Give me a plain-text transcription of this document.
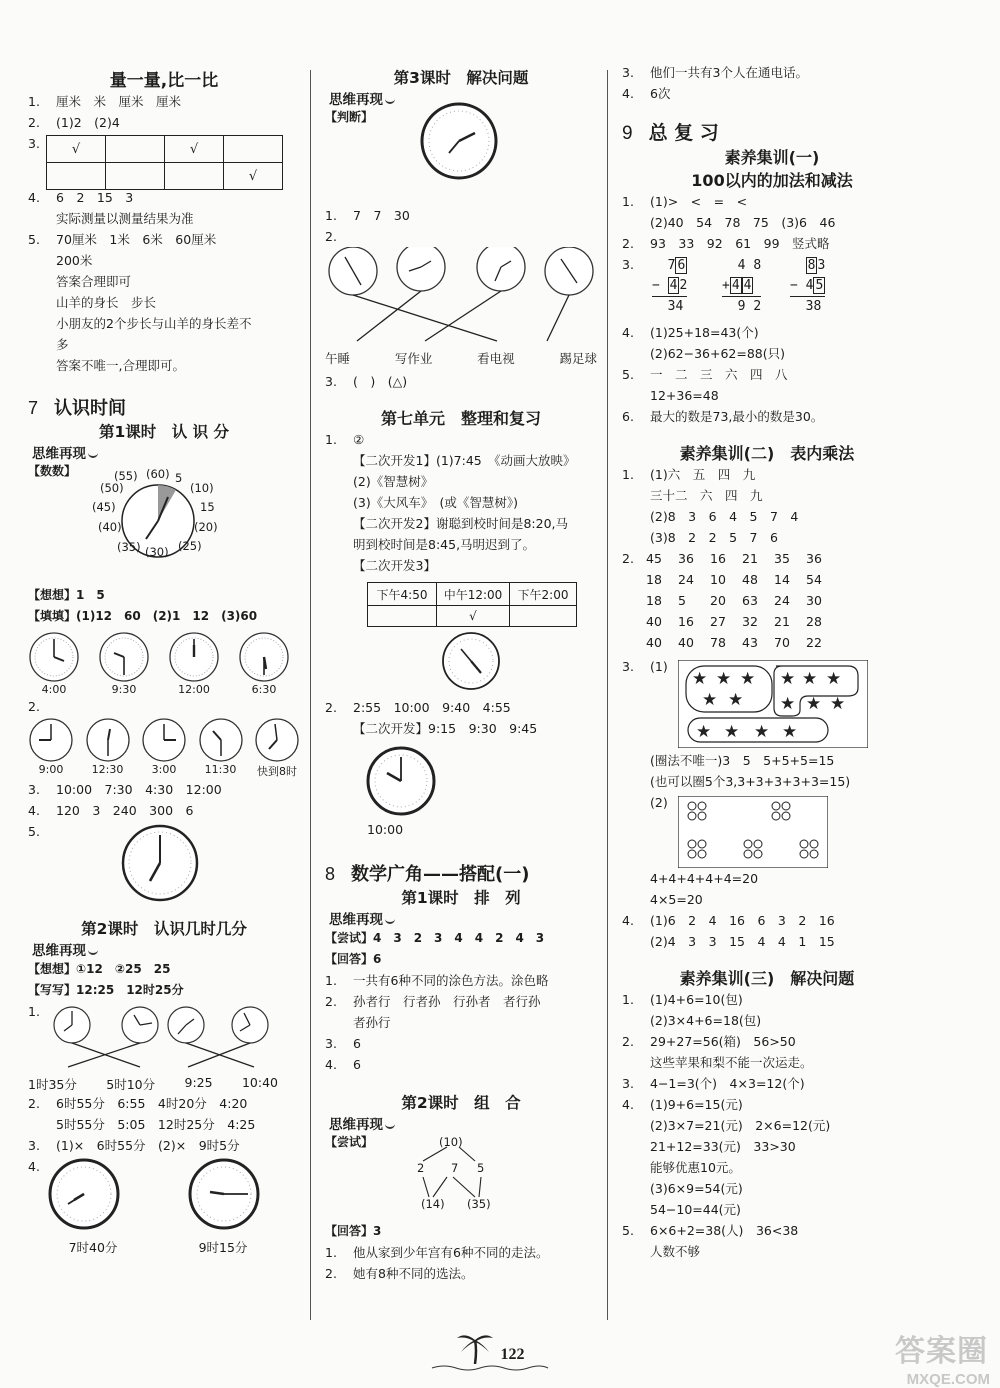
量一量,比一比
1. 厘米　米　厘米　厘米
2. (1)2　(2)4
3.	√		√	
			√
4. 6　2　15　3
实际测量以测量结果为准
5. 70厘米　1米　6米　60厘米
200米
答案合理即可
山羊的身长　步长
小朋友的2个步长与山羊的身长差不
多
答案不唯一,合理即可。
7 认识时间
第1课时　认 识 分
思维再现
【数数】	(60) 5
(10)
15
(20)
(25)
(30)
(35)
(40)
(45)
(50)
(55)
【想想】1　5
【填填】(1)12　60　(2)1　12　(3)60
4:00	9:30	12:00	6:30
2.
9:00	12:30	3:00	11:30	快到8时
3. 10:00　7:30　4:30　12:00
4. 120　3　240　300　6
5.
第2课时　认识几时几分
思维再现
【想想】①12　②25　25
【写写】12:25　12时25分
1.
1时35分 5时10分 9:25 10:40
2. 6时55分　6:55　4时20分　4:20
5时55分　5:05　12时25分　4:25
3. (1)×　6时55分　(2)×　9时5分
4.
7时40分	9时15分
第3课时　解决问题
思维再现
【判断】
1. 7　7　30
2.
午睡	写作业	看电视	踢足球
3. (　)　(△)
第七单元　整理和复习
1. ②
【二次开发1】(1)7:45　《动画大放映》
(2)《智慧树》
(3)《大风车》　(或《智慧树》)
【二次开发2】谢聪到校时间是8:20,马
明到校时间是8:45,马明迟到了。
【二次开发3】
下午4:50	中午12:00	下午2:00
	√	
2. 2:55　10:00　9:40　4:55
【二次开发】9:15　9:30　9:45
10:00
8 数学广角——搭配(一)
第1课时　排　列
思维再现
【尝试】4　3　2　3　4　4　2　4　3
【回答】6
1. 一共有6种不同的涂色方法。涂色略
2. 孙者行　行者孙　行孙者　者行孙
者孙行
3. 6
4. 6
第2课时　组　合
思维再现
【尝试】	(10)
2 7 5
(14) (35)
【回答】3
1. 他从家到少年宫有6种不同的走法。
2. 她有8种不同的选法。
3. 他们一共有3个人在通电话。
4. 6次
9 总 复 习
素养集训(一)
100以内的加法和减法
1. (1)>　<　=　<
(2)40　54　78　75　(3)6　46
2. 93　33　92　61　99　竖式略
3.	7 6
− 4 2
34
4 8
+ 4 4
9 2
8 3
− 4 5
38
4. (1)25+18=43(个)
(2)62−36+62=88(只)
5. 一　二　三　六　四　八
12+36=48
6. 最大的数是73,最小的数是30。
素养集训(二)　表内乘法
1. (1)六　五　四　九
三十二　六　四　九
(2)8　3　6　4　5　7　4
(3)8　2　2　5　7　6
2. 45	36	16	21	35	36
18	24	10	48	14	54
18	5	20	63	24	30
40	16	27	32	21	28
40	40	78	43	70	22
3. (1)
★ ★ ★
★ ★
★ ★ ★
★ ★ ★
★ ★ ★ ★
(圈法不唯一)3　5　5+5+5=15
(也可以圈5个3,3+3+3+3+3=15)
(2)
4+4+4+4+4=20
4×5=20
4. (1)6　2　4　16　6　3　2　16
(2)4　3　3　15　4　4　1　15
素养集训(三)　解决问题
1. (1)4+6=10(包)
(2)3×4+6=18(包)
2. 29+27=56(箱)　56>50
这些苹果和梨不能一次运走。
3. 4−1=3(个)　4×3=12(个)
4. (1)9+6=15(元)
(2)3×7=21(元)　2×6=12(元)
21+12=33(元)　33>30
能够优惠10元。
(3)6×9=54(元)
54−10=44(元)
5. 6×6+2=38(人)　36<38
人数不够
122	答案圈
MXQE.COM
